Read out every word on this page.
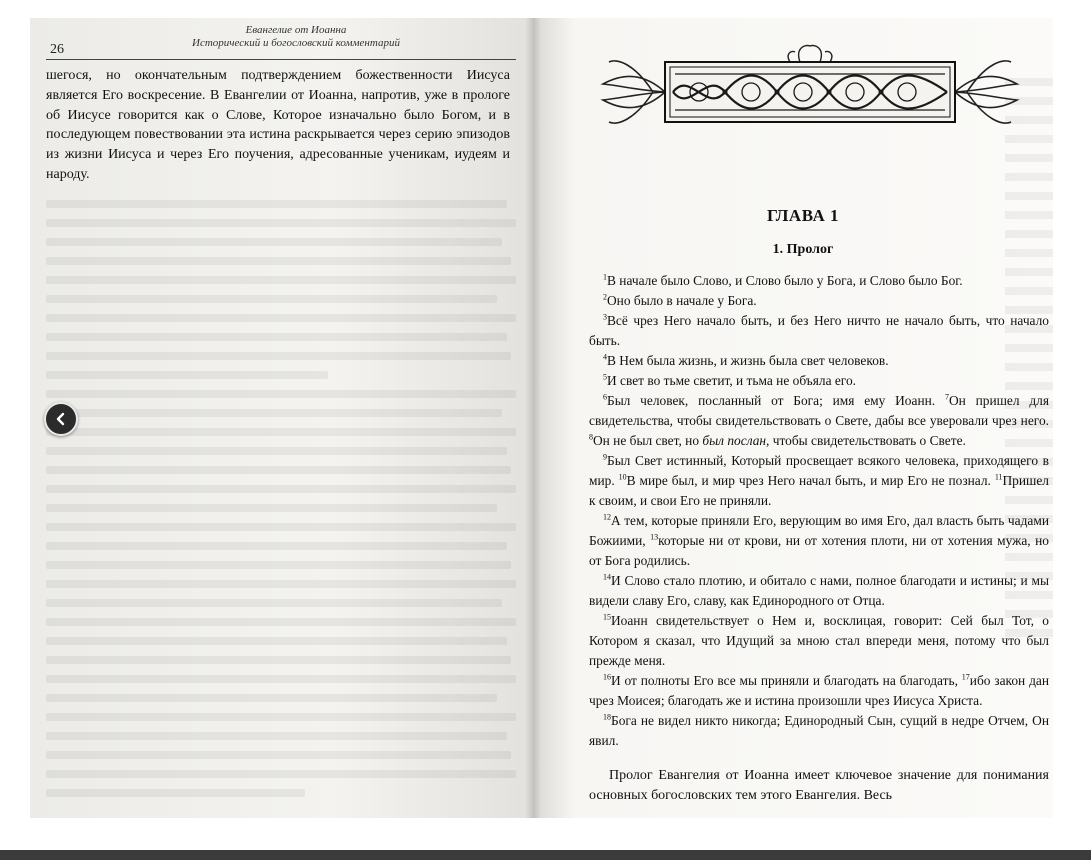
26
Евангелие от Иоанна
Исторический и богословский комментарий

шегося, но окончательным подтверждением божественности Иисуса является Его воскресение. В Евангелии от Иоанна, напротив, уже в прологе об Иисусе говорится как о Слове, Которое изначально было Богом, и в последующем повествовании эта истина раскрывается через серию эпизодов из жизни Иисуса и через Его поучения, адресованные ученикам, иудеям и народу.

ГЛАВА 1
1. Пролог

$^1$В начале было Слово, и Слово было у Бога, и Слово было Бог.

$^2$Оно было в начале у Бога.

$^3$Всё чрез Него начало быть, и без Него ничто не начало быть, что начало быть.

$^4$В Нем была жизнь, и жизнь была свет человеков.

$^5$И свет во тьме светит, и тьма не объяла его.

$^6$Был человек, посланный от Бога; имя ему Иоанн. $^7$Он пришел для свидетельства, чтобы свидетельствовать о Свете, дабы все уверовали чрез него. $^8$Он не был свет, но был послан, чтобы свидетельствовать о Свете.

$^9$Был Свет истинный, Который просвещает всякого человека, приходящего в мир. $^{10}$В мире был, и мир чрез Него начал быть, и мир Его не познал. $^{11}$Пришел к своим, и свои Его не приняли.

$^{12}$А тем, которые приняли Его, верующим во имя Его, дал власть быть чадами Божиими, $^{13}$которые ни от крови, ни от хотения плоти, ни от хотения мужа, но от Бога родились.

$^{14}$И Слово стало плотию, и обитало с нами, полное благодати и истины; и мы видели славу Его, славу, как Единородного от Отца.

$^{15}$Иоанн свидетельствует о Нем и, восклицая, говорит: Сей был Тот, о Котором я сказал, что Идущий за мною стал впереди меня, потому что был прежде меня.

$^{16}$И от полноты Его все мы приняли и благодать на благодать, $^{17}$ибо закон дан чрез Моисея; благодать же и истина произошли чрез Иисуса Христа.

$^{18}$Бога не видел никто никогда; Единородный Сын, сущий в недре Отчем, Он явил.

Пролог Евангелия от Иоанна имеет ключевое значение для понимания основных богословских тем этого Евангелия. Весь
